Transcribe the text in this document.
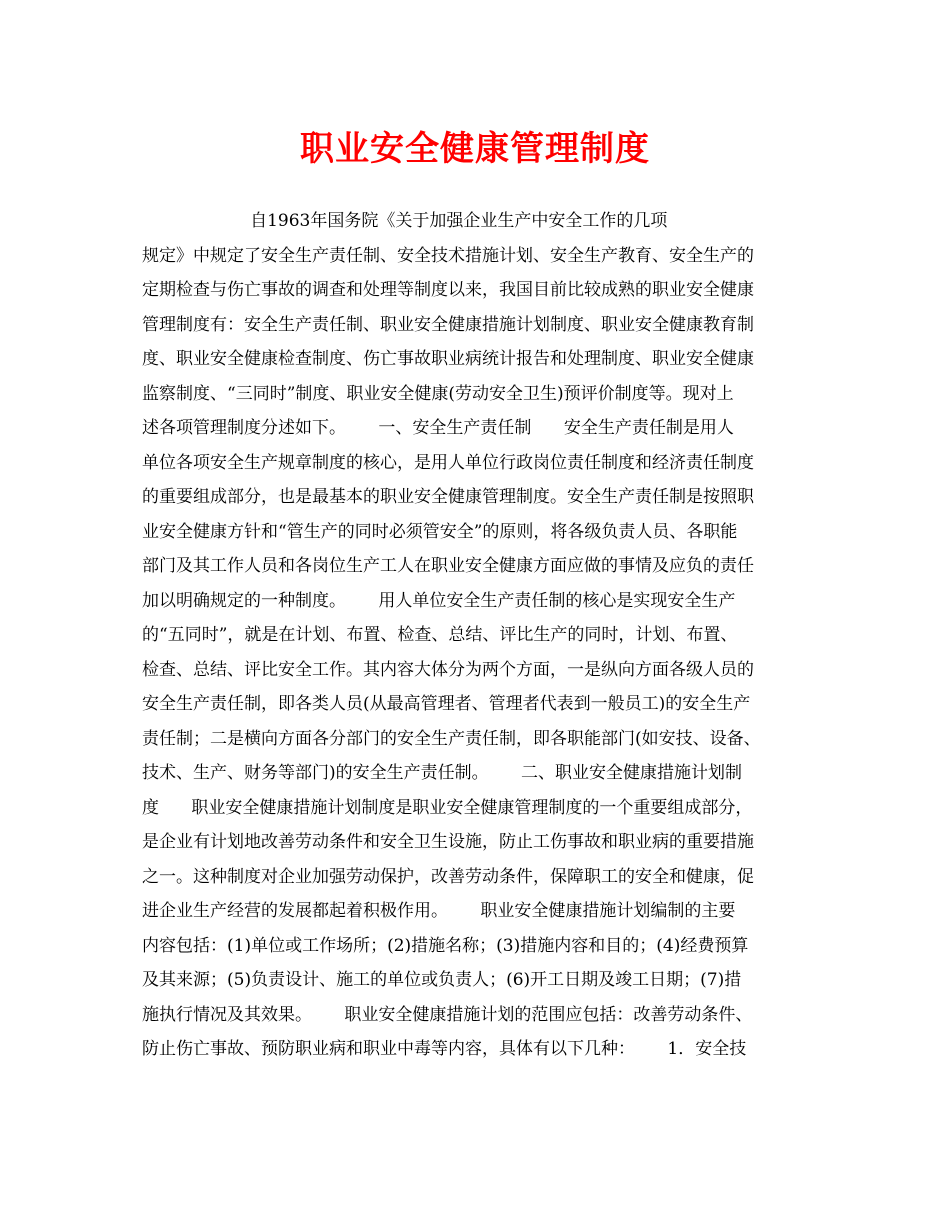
职业安全健康管理制度
自1963年国务院《关于加强企业生产中安全工作的几项
规定》中规定了安全生产责任制、安全技术措施计划、安全生产教育、安全生产的
定期检查与伤亡事故的调查和处理等制度以来，我国目前比较成熟的职业安全健康
管理制度有：安全生产责任制、职业安全健康措施计划制度、职业安全健康教育制
度、职业安全健康检查制度、伤亡事故职业病统计报告和处理制度、职业安全健康
监察制度、“三同时”制度、职业安全健康(劳动安全卫生)预评价制度等。现对上
述各项管理制度分述如下。      一、安全生产责任制      安全生产责任制是用人
单位各项安全生产规章制度的核心，是用人单位行政岗位责任制度和经济责任制度
的重要组成部分，也是最基本的职业安全健康管理制度。安全生产责任制是按照职
业安全健康方针和“管生产的同时必须管安全”的原则，将各级负责人员、各职能
部门及其工作人员和各岗位生产工人在职业安全健康方面应做的事情及应负的责任
加以明确规定的一种制度。      用人单位安全生产责任制的核心是实现安全生产
的“五同时”，就是在计划、布置、检查、总结、评比生产的同时，计划、布置、
检查、总结、评比安全工作。其内容大体分为两个方面，一是纵向方面各级人员的
安全生产责任制，即各类人员(从最高管理者、管理者代表到一般员工)的安全生产
责任制；二是横向方面各分部门的安全生产责任制，即各职能部门(如安技、设备、
技术、生产、财务等部门)的安全生产责任制。      二、职业安全健康措施计划制
度      职业安全健康措施计划制度是职业安全健康管理制度的一个重要组成部分，
是企业有计划地改善劳动条件和安全卫生设施，防止工伤事故和职业病的重要措施
之一。这种制度对企业加强劳动保护，改善劳动条件，保障职工的安全和健康，促
进企业生产经营的发展都起着积极作用。      职业安全健康措施计划编制的主要
内容包括：(1)单位或工作场所；(2)措施名称；(3)措施内容和目的；(4)经费预算
及其来源；(5)负责设计、施工的单位或负责人；(6)开工日期及竣工日期；(7)措
施执行情况及其效果。      职业安全健康措施计划的范围应包括：改善劳动条件、
防止伤亡事故、预防职业病和职业中毒等内容，具体有以下几种：      1．安全技
